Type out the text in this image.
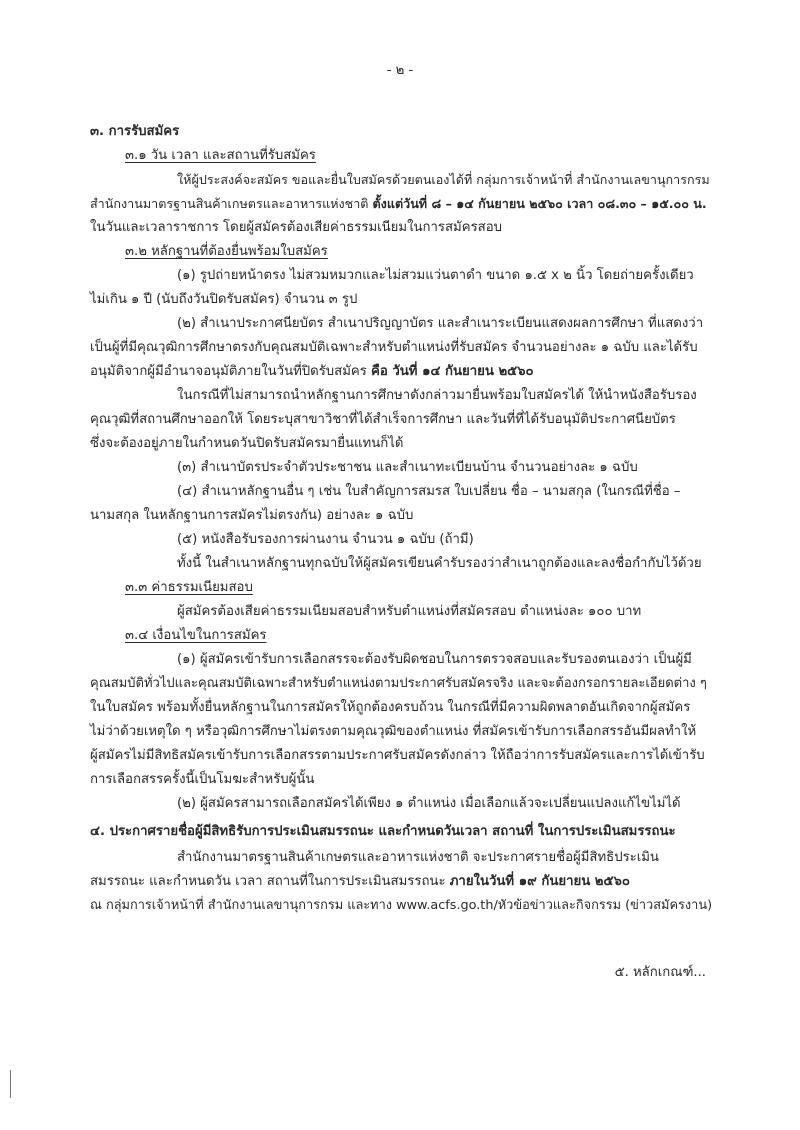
- ๒ -

๓. การรับสมัคร

๓.๑ วัน เวลา และสถานที่รับสมัคร

ให้ผู้ประสงค์จะสมัคร ขอและยื่นใบสมัครด้วยตนเองได้ที่ กลุ่มการเจ้าหน้าที่ สำนักงานเลขานุการกรม

สำนักงานมาตรฐานสินค้าเกษตรและอาหารแห่งชาติ ตั้งแต่วันที่ ๘ – ๑๔ กันยายน ๒๕๖๐ เวลา ๐๘.๓๐ – ๑๕.๐๐ น.

ในวันและเวลาราชการ โดยผู้สมัครต้องเสียค่าธรรมเนียมในการสมัครสอบ

๓.๒ หลักฐานที่ต้องยื่นพร้อมใบสมัคร

(๑) รูปถ่ายหน้าตรง ไม่สวมหมวกและไม่สวมแว่นตาดำ ขนาด ๑.๕ x ๒ นิ้ว โดยถ่ายครั้งเดียว

ไม่เกิน ๑ ปี (นับถึงวันปิดรับสมัคร) จำนวน ๓ รูป

(๒) สำเนาประกาศนียบัตร สำเนาปริญญาบัตร และสำเนาระเบียนแสดงผลการศึกษา ที่แสดงว่า

เป็นผู้ที่มีคุณวุฒิการศึกษาตรงกับคุณสมบัติเฉพาะสำหรับตำแหน่งที่รับสมัคร จำนวนอย่างละ ๑ ฉบับ และได้รับ

อนุมัติจากผู้มีอำนาจอนุมัติภายในวันที่ปิดรับสมัคร คือ วันที่ ๑๔ กันยายน ๒๕๖๐

ในกรณีที่ไม่สามารถนำหลักฐานการศึกษาดังกล่าวมายื่นพร้อมใบสมัครได้ ให้นำหนังสือรับรอง

คุณวุฒิที่สถานศึกษาออกให้ โดยระบุสาขาวิชาที่ได้สำเร็จการศึกษา และวันที่ที่ได้รับอนุมัติประกาศนียบัตร

ซึ่งจะต้องอยู่ภายในกำหนดวันปิดรับสมัครมายื่นแทนก็ได้

(๓) สำเนาบัตรประจำตัวประชาชน และสำเนาทะเบียนบ้าน จำนวนอย่างละ ๑ ฉบับ

(๔) สำเนาหลักฐานอื่น ๆ เช่น ใบสำคัญการสมรส ใบเปลี่ยน ชื่อ – นามสกุล (ในกรณีที่ชื่อ –

นามสกุล ในหลักฐานการสมัครไม่ตรงกัน) อย่างละ ๑ ฉบับ

(๕) หนังสือรับรองการผ่านงาน จำนวน ๑ ฉบับ (ถ้ามี)

ทั้งนี้ ในสำเนาหลักฐานทุกฉบับให้ผู้สมัครเขียนคำรับรองว่าสำเนาถูกต้องและลงชื่อกำกับไว้ด้วย

๓.๓ ค่าธรรมเนียมสอบ

ผู้สมัครต้องเสียค่าธรรมเนียมสอบสำหรับตำแหน่งที่สมัครสอบ ตำแหน่งละ ๑๐๐ บาท

๓.๔ เงื่อนไขในการสมัคร

(๑) ผู้สมัครเข้ารับการเลือกสรรจะต้องรับผิดชอบในการตรวจสอบและรับรองตนเองว่า เป็นผู้มี

คุณสมบัติทั่วไปและคุณสมบัติเฉพาะสำหรับตำแหน่งตามประกาศรับสมัครจริง และจะต้องกรอกรายละเอียดต่าง ๆ

ในใบสมัคร พร้อมทั้งยื่นหลักฐานในการสมัครให้ถูกต้องครบถ้วน ในกรณีที่มีความผิดพลาดอันเกิดจากผู้สมัคร

ไม่ว่าด้วยเหตุใด ๆ หรือวุฒิการศึกษาไม่ตรงตามคุณวุฒิของตำแหน่ง ที่สมัครเข้ารับการเลือกสรรอันมีผลทำให้

ผู้สมัครไม่มีสิทธิสมัครเข้ารับการเลือกสรรตามประกาศรับสมัครดังกล่าว ให้ถือว่าการรับสมัครและการได้เข้ารับ

การเลือกสรรครั้งนี้เป็นโมฆะสำหรับผู้นั้น

(๒) ผู้สมัครสามารถเลือกสมัครได้เพียง ๑ ตำแหน่ง เมื่อเลือกแล้วจะเปลี่ยนแปลงแก้ไขไม่ได้

๔. ประกาศรายชื่อผู้มีสิทธิรับการประเมินสมรรถนะ และกำหนดวันเวลา สถานที่ ในการประเมินสมรรถนะ

สำนักงานมาตรฐานสินค้าเกษตรและอาหารแห่งชาติ จะประกาศรายชื่อผู้มีสิทธิประเมิน

สมรรถนะ และกำหนดวัน เวลา สถานที่ในการประเมินสมรรถนะ ภายในวันที่ ๑๙ กันยายน ๒๕๖๐

ณ กลุ่มการเจ้าหน้าที่ สำนักงานเลขานุการกรม และทาง www.acfs.go.th/หัวข้อข่าวและกิจกรรม (ข่าวสมัครงาน)

๕. หลักเกณฑ์...
